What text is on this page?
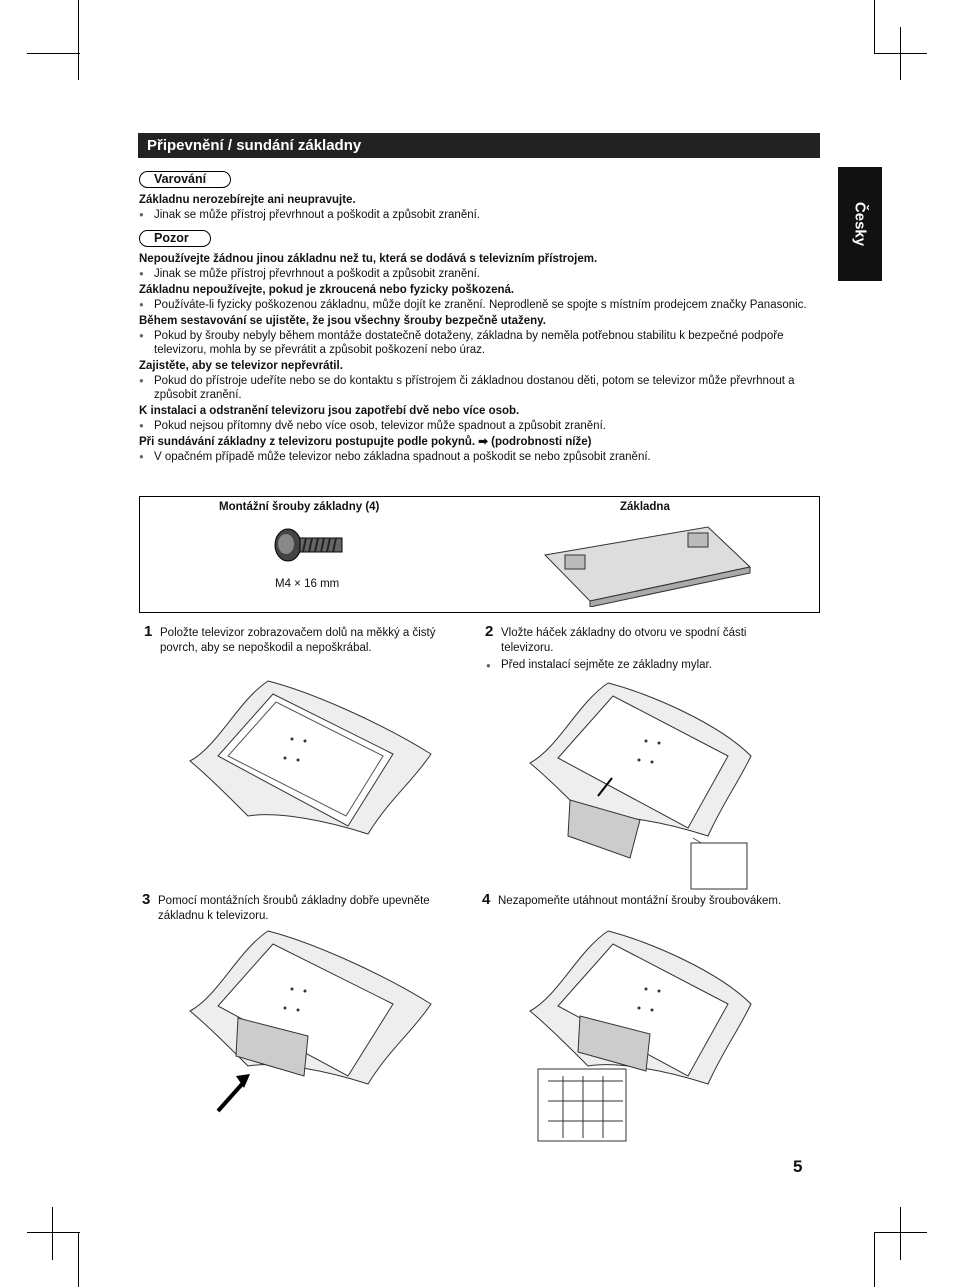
Připevnění / sundání základny
Česky
Varování

Základnu nerozebírejte ani neupravujte.

● Jinak se může přístroj převrhnout a poškodit a způsobit zranění.

Pozor

Nepoužívejte žádnou jinou základnu než tu, která se dodává s televizním přístrojem.

● Jinak se může přístroj převrhnout a poškodit a způsobit zranění.

Základnu nepoužívejte, pokud je zkroucená nebo fyzicky poškozená.

● Používáte-li fyzicky poškozenou základnu, může dojít ke zranění. Neprodleně se spojte s místním prodejcem značky Panasonic.

Během sestavování se ujistěte, že jsou všechny šrouby bezpečně utaženy.

● Pokud by šrouby nebyly během montáže dostatečně dotaženy, základna by neměla potřebnou stabilitu k bezpečné podpoře televizoru, mohla by se převrátit a způsobit poškození nebo úraz.

Zajistěte, aby se televizor nepřevrátil.

● Pokud do přístroje udeříte nebo se do kontaktu s přístrojem či základnou dostanou děti, potom se televizor může převrhnout a způsobit zranění.

K instalaci a odstranění televizoru jsou zapotřebí dvě nebo více osob.

● Pokud nejsou přítomny dvě nebo více osob, televizor může spadnout a způsobit zranění.

Při sundávání základny z televizoru postupujte podle pokynů. ➡ (podrobnosti níže)

● V opačném případě může televizor nebo základna spadnout a poškodit se nebo způsobit zranění.

Montážní šrouby základny (4)	Základna
M4 × 16 mm
1 Položte televizor zobrazovačem dolů na měkký a čistý povrch, aby se nepoškodil a nepoškrábal.
2 Vložte háček základny do otvoru ve spodní části televizoru.
● Před instalací sejměte ze základny mylar.
3 Pomocí montážních šroubů základny dobře upevněte základnu k televizoru.
4 Nezapomeňte utáhnout montážní šrouby šroubovákem.
5
